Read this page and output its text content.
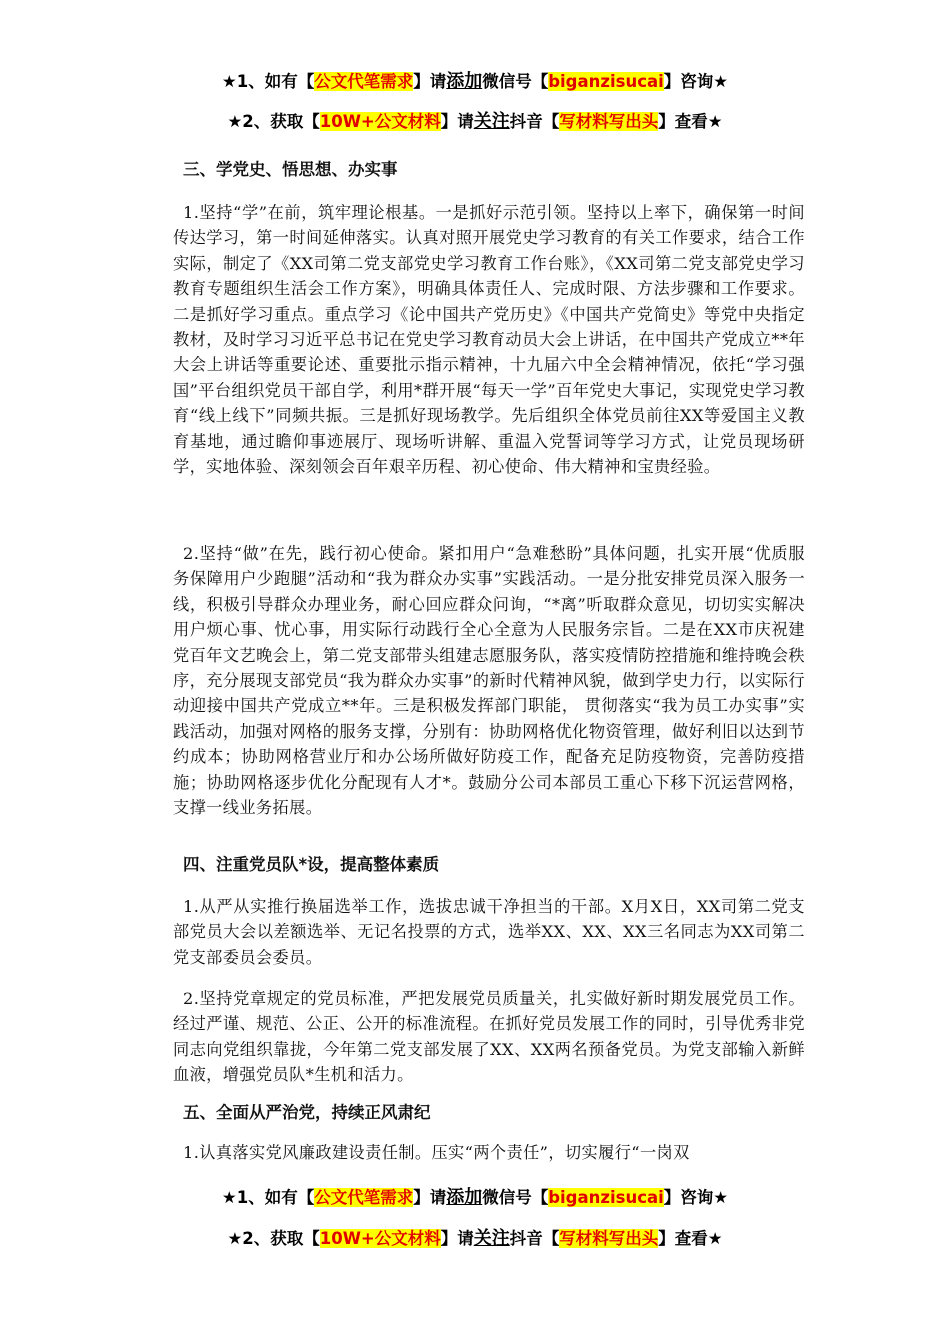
★1、如有【公文代笔需求】请添加微信号【biganzisucai】咨询★
★2、获取【10W+公文材料】请关注抖音【写材料写出头】查看★

三、学党史、悟思想、办实事

1.坚持“学”在前，筑牢理论根基。一是抓好示范引领。坚持以上率下，确保第一时间传达学习，第一时间延伸落实。认真对照开展党史学习教育的有关工作要求，结合工作实际，制定了《XX司第二党支部党史学习教育工作台账》，《XX司第二党支部党史学习教育专题组织生活会工作方案》，明确具体责任人、完成时限、方法步骤和工作要求。二是抓好学习重点。重点学习《论中国共产党历史》《中国共产党简史》等党中央指定教材，及时学习习近平总书记在党史学习教育动员大会上讲话，在中国共产党成立**年大会上讲话等重要论述、重要批示指示精神，十九届六中全会精神情况，依托“学习强国”平台组织党员干部自学，利用*群开展“每天一学”百年党史大事记，实现党史学习教育“线上线下”同频共振。三是抓好现场教学。先后组织全体党员前往XX等爱国主义教育基地，通过瞻仰事迹展厅、现场听讲解、重温入党誓词等学习方式，让党员现场研学，实地体验、深刻领会百年艰辛历程、初心使命、伟大精神和宝贵经验。

2.坚持“做”在先，践行初心使命。紧扣用户“急难愁盼”具体问题，扎实开展“优质服务保障用户少跑腿”活动和“我为群众办实事”实践活动。一是分批安排党员深入服务一线，积极引导群众办理业务，耐心回应群众问询，“*离”听取群众意见，切切实实解决用户烦心事、忧心事，用实际行动践行全心全意为人民服务宗旨。二是在XX市庆祝建党百年文艺晚会上，第二党支部带头组建志愿服务队，落实疫情防控措施和维持晚会秩序，充分展现支部党员“我为群众办实事”的新时代精神风貌，做到学史力行，以实际行动迎接中国共产党成立**年。三是积极发挥部门职能， 贯彻落实“我为员工办实事”实践活动，加强对网格的服务支撑，分别有：协助网格优化物资管理，做好利旧以达到节约成本；协助网格营业厅和办公场所做好防疫工作，配备充足防疫物资，完善防疫措施；协助网格逐步优化分配现有人才*。鼓励分公司本部员工重心下移下沉运营网格，支撑一线业务拓展。

四、注重党员队*设，提高整体素质

1.从严从实推行换届选举工作，选拔忠诚干净担当的干部。X月X日，XX司第二党支部党员大会以差额选举、无记名投票的方式，选举XX、XX、XX三名同志为XX司第二党支部委员会委员。

2.坚持党章规定的党员标准，严把发展党员质量关，扎实做好新时期发展党员工作。经过严谨、规范、公正、公开的标准流程。在抓好党员发展工作的同时，引导优秀非党同志向党组织靠拢，今年第二党支部发展了XX、XX两名预备党员。为党支部输入新鲜血液，增强党员队*生机和活力。

五、全面从严治党，持续正风肃纪

1.认真落实党风廉政建设责任制。压实“两个责任”，切实履行“一岗双

★1、如有【公文代笔需求】请添加微信号【biganzisucai】咨询★
★2、获取【10W+公文材料】请关注抖音【写材料写出头】查看★
